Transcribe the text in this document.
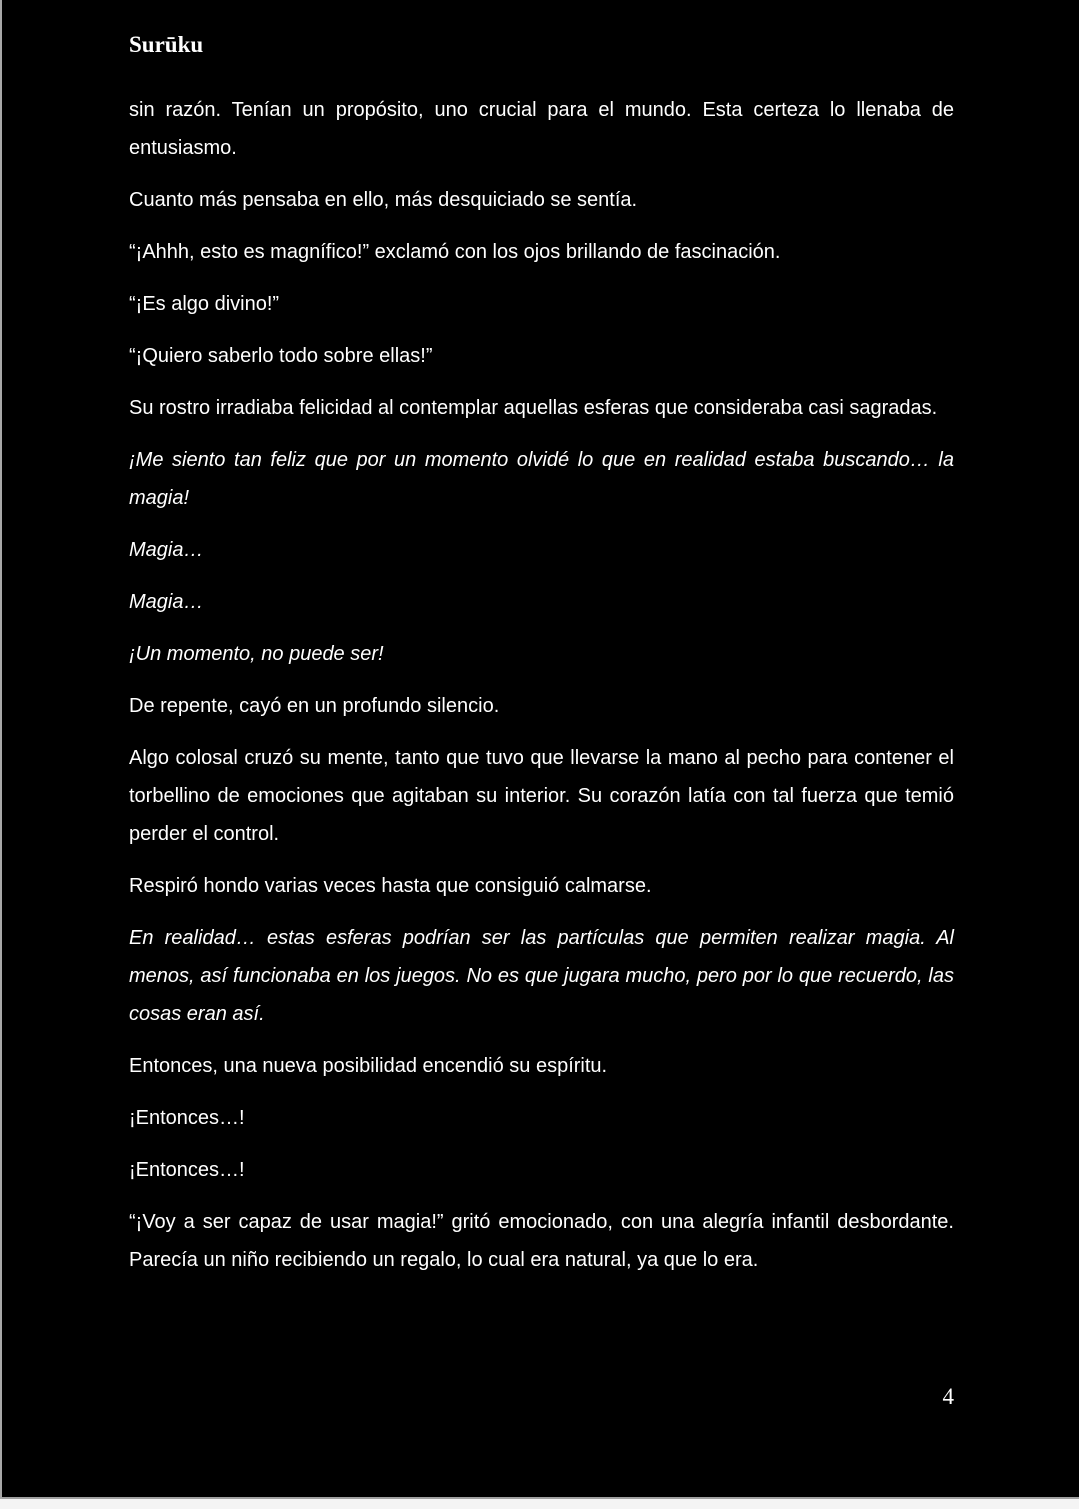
Surūku

sin razón. Tenían un propósito, uno crucial para el mundo. Esta certeza lo llenaba de entusiasmo.

Cuanto más pensaba en ello, más desquiciado se sentía.

“¡Ahhh, esto es magnífico!” exclamó con los ojos brillando de fascinación.

“¡Es algo divino!”

“¡Quiero saberlo todo sobre ellas!”

Su rostro irradiaba felicidad al contemplar aquellas esferas que consideraba casi sagradas.

¡Me siento tan feliz que por un momento olvidé lo que en realidad estaba buscando… la magia!

Magia…

Magia…

¡Un momento, no puede ser!

De repente, cayó en un profundo silencio.

Algo colosal cruzó su mente, tanto que tuvo que llevarse la mano al pecho para contener el torbellino de emociones que agitaban su interior. Su corazón latía con tal fuerza que temió perder el control.

Respiró hondo varias veces hasta que consiguió calmarse.

En realidad… estas esferas podrían ser las partículas que permiten realizar magia. Al menos, así funcionaba en los juegos. No es que jugara mucho, pero por lo que recuerdo, las cosas eran así.

Entonces, una nueva posibilidad encendió su espíritu.

¡Entonces…!

¡Entonces…!

“¡Voy a ser capaz de usar magia!” gritó emocionado, con una alegría infantil desbordante. Parecía un niño recibiendo un regalo, lo cual era natural, ya que lo era.

4
